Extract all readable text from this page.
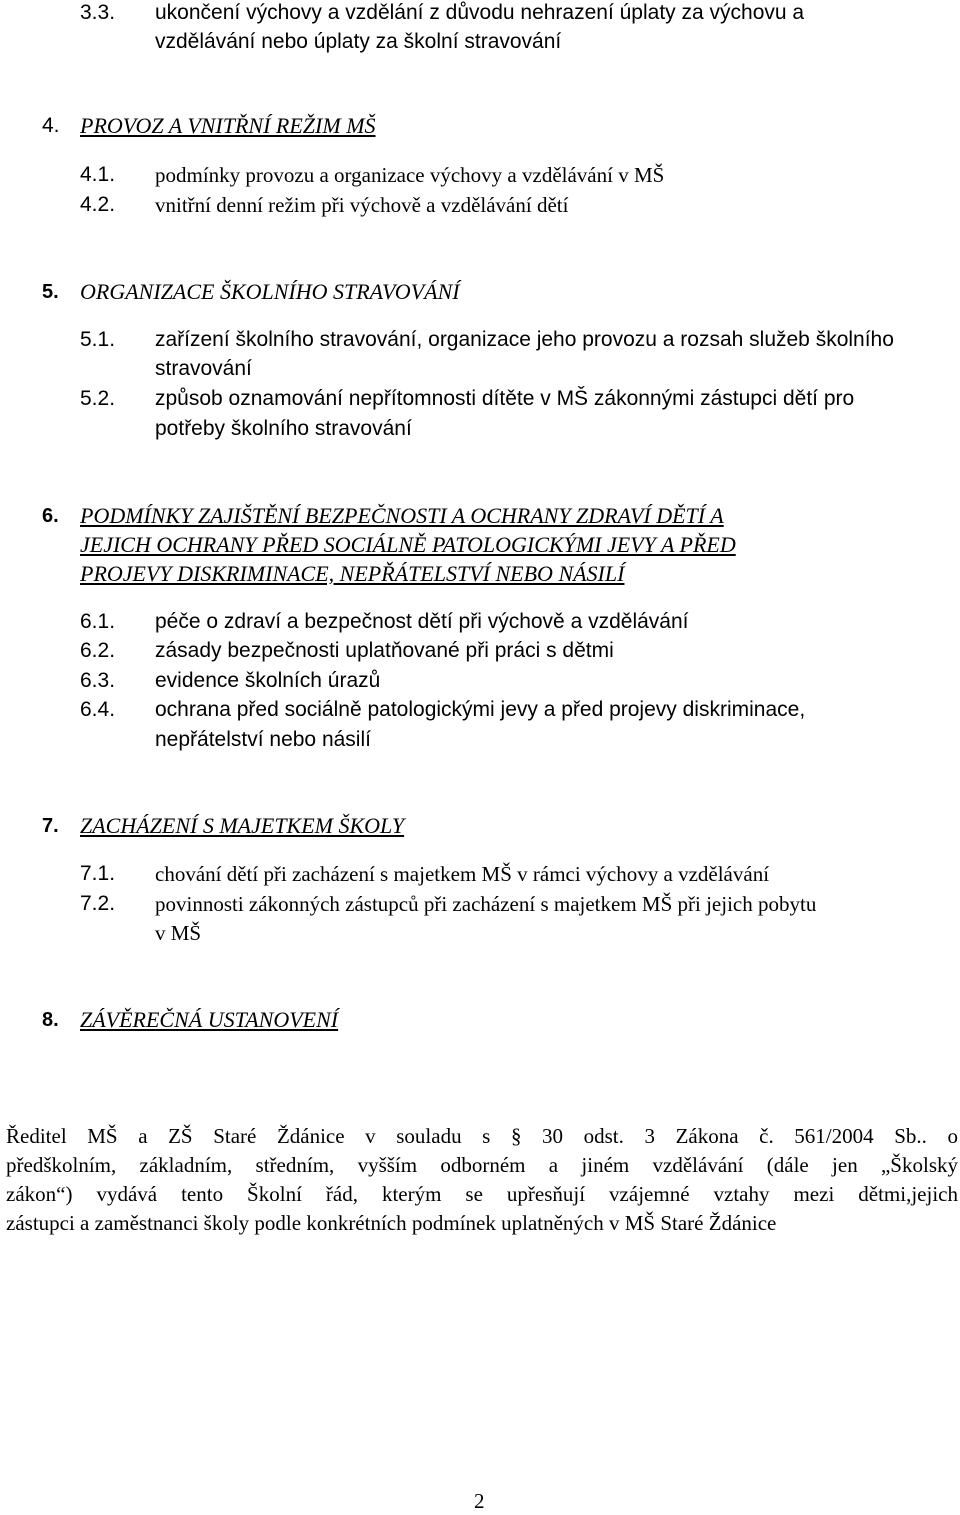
3.3. ukončení výchovy a vzdělání z důvodu nehrazení úplaty za výchovu a
vzdělávání nebo úplaty za školní stravování
4. PROVOZ A VNITŘNÍ REŽIM MŠ
4.1. podmínky provozu a organizace výchovy a vzdělávání v MŠ
4.2. vnitřní denní režim při výchově a vzdělávání dětí
5. ORGANIZACE ŠKOLNÍHO STRAVOVÁNÍ
5.1. zařízení školního stravování, organizace jeho provozu a rozsah služeb školního
stravování
5.2. způsob oznamování nepřítomnosti dítěte v MŠ zákonnými zástupci dětí pro
potřeby školního stravování
6. PODMÍNKY ZAJIŠTĚNÍ BEZPEČNOSTI A OCHRANY ZDRAVÍ DĚTÍ A
JEJICH OCHRANY PŘED SOCIÁLNĚ PATOLOGICKÝMI JEVY A PŘED
PROJEVY DISKRIMINACE, NEPŘÁTELSTVÍ NEBO NÁSILÍ
6.1. péče o zdraví a bezpečnost dětí při výchově a vzdělávání
6.2. zásady bezpečnosti uplatňované při práci s dětmi
6.3. evidence školních úrazů
6.4. ochrana před sociálně patologickými jevy a před projevy diskriminace,
nepřátelství nebo násilí
7. ZACHÁZENÍ S MAJETKEM ŠKOLY
7.1. chování dětí při zacházení s majetkem MŠ v rámci výchovy a vzdělávání
7.2. povinnosti zákonných zástupců při zacházení s majetkem MŠ při jejich pobytu
v MŠ
8. ZÁVĚREČNÁ USTANOVENÍ
Ředitel MŠ a ZŠ Staré Ždánice v souladu s § 30 odst. 3 Zákona č. 561/2004 Sb.. o
předškolním, základním, středním, vyšším odborném a jiném vzdělávání (dále jen „Školský
zákon“) vydává tento Školní řád, kterým se upřesňují vzájemné vztahy mezi dětmi,jejich
zástupci a zaměstnanci školy podle konkrétních podmínek uplatněných v MŠ Staré Ždánice
2
